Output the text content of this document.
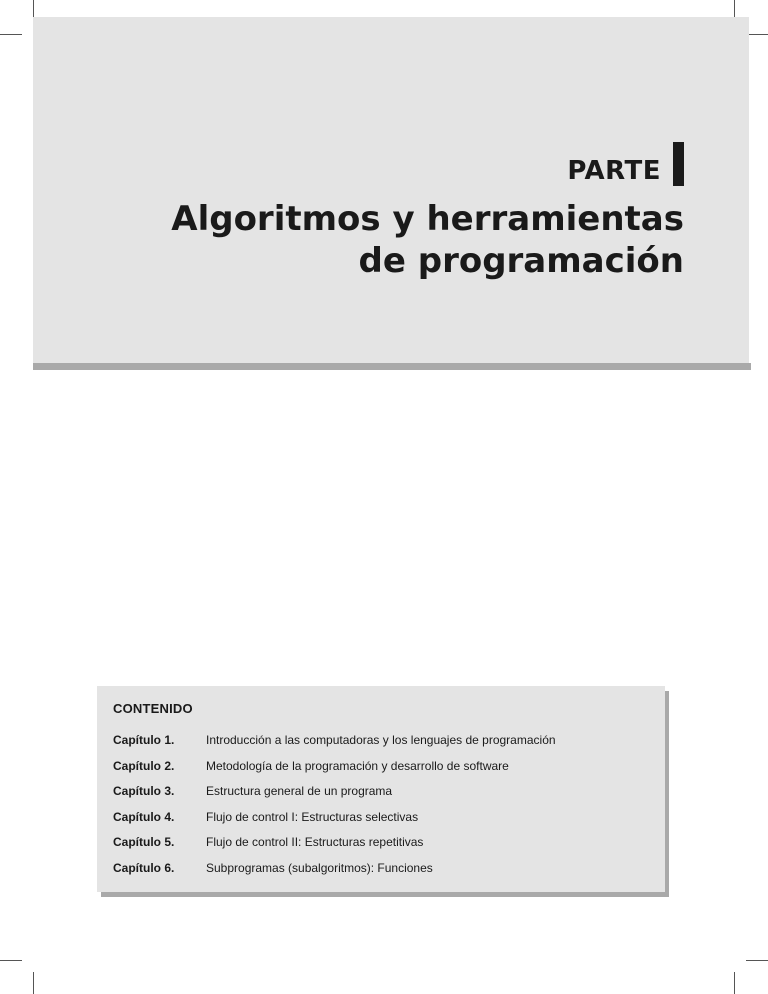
PARTE
Algoritmos y herramientas
de programación
CONTENIDO
Capítulo 1.	Introducción a las computadoras y los lenguajes de programación
Capítulo 2.	Metodología de la programación y desarrollo de software
Capítulo 3.	Estructura general de un programa
Capítulo 4.	Flujo de control I: Estructuras selectivas
Capítulo 5.	Flujo de control II: Estructuras repetitivas
Capítulo 6.	Subprogramas (subalgoritmos): Funciones
